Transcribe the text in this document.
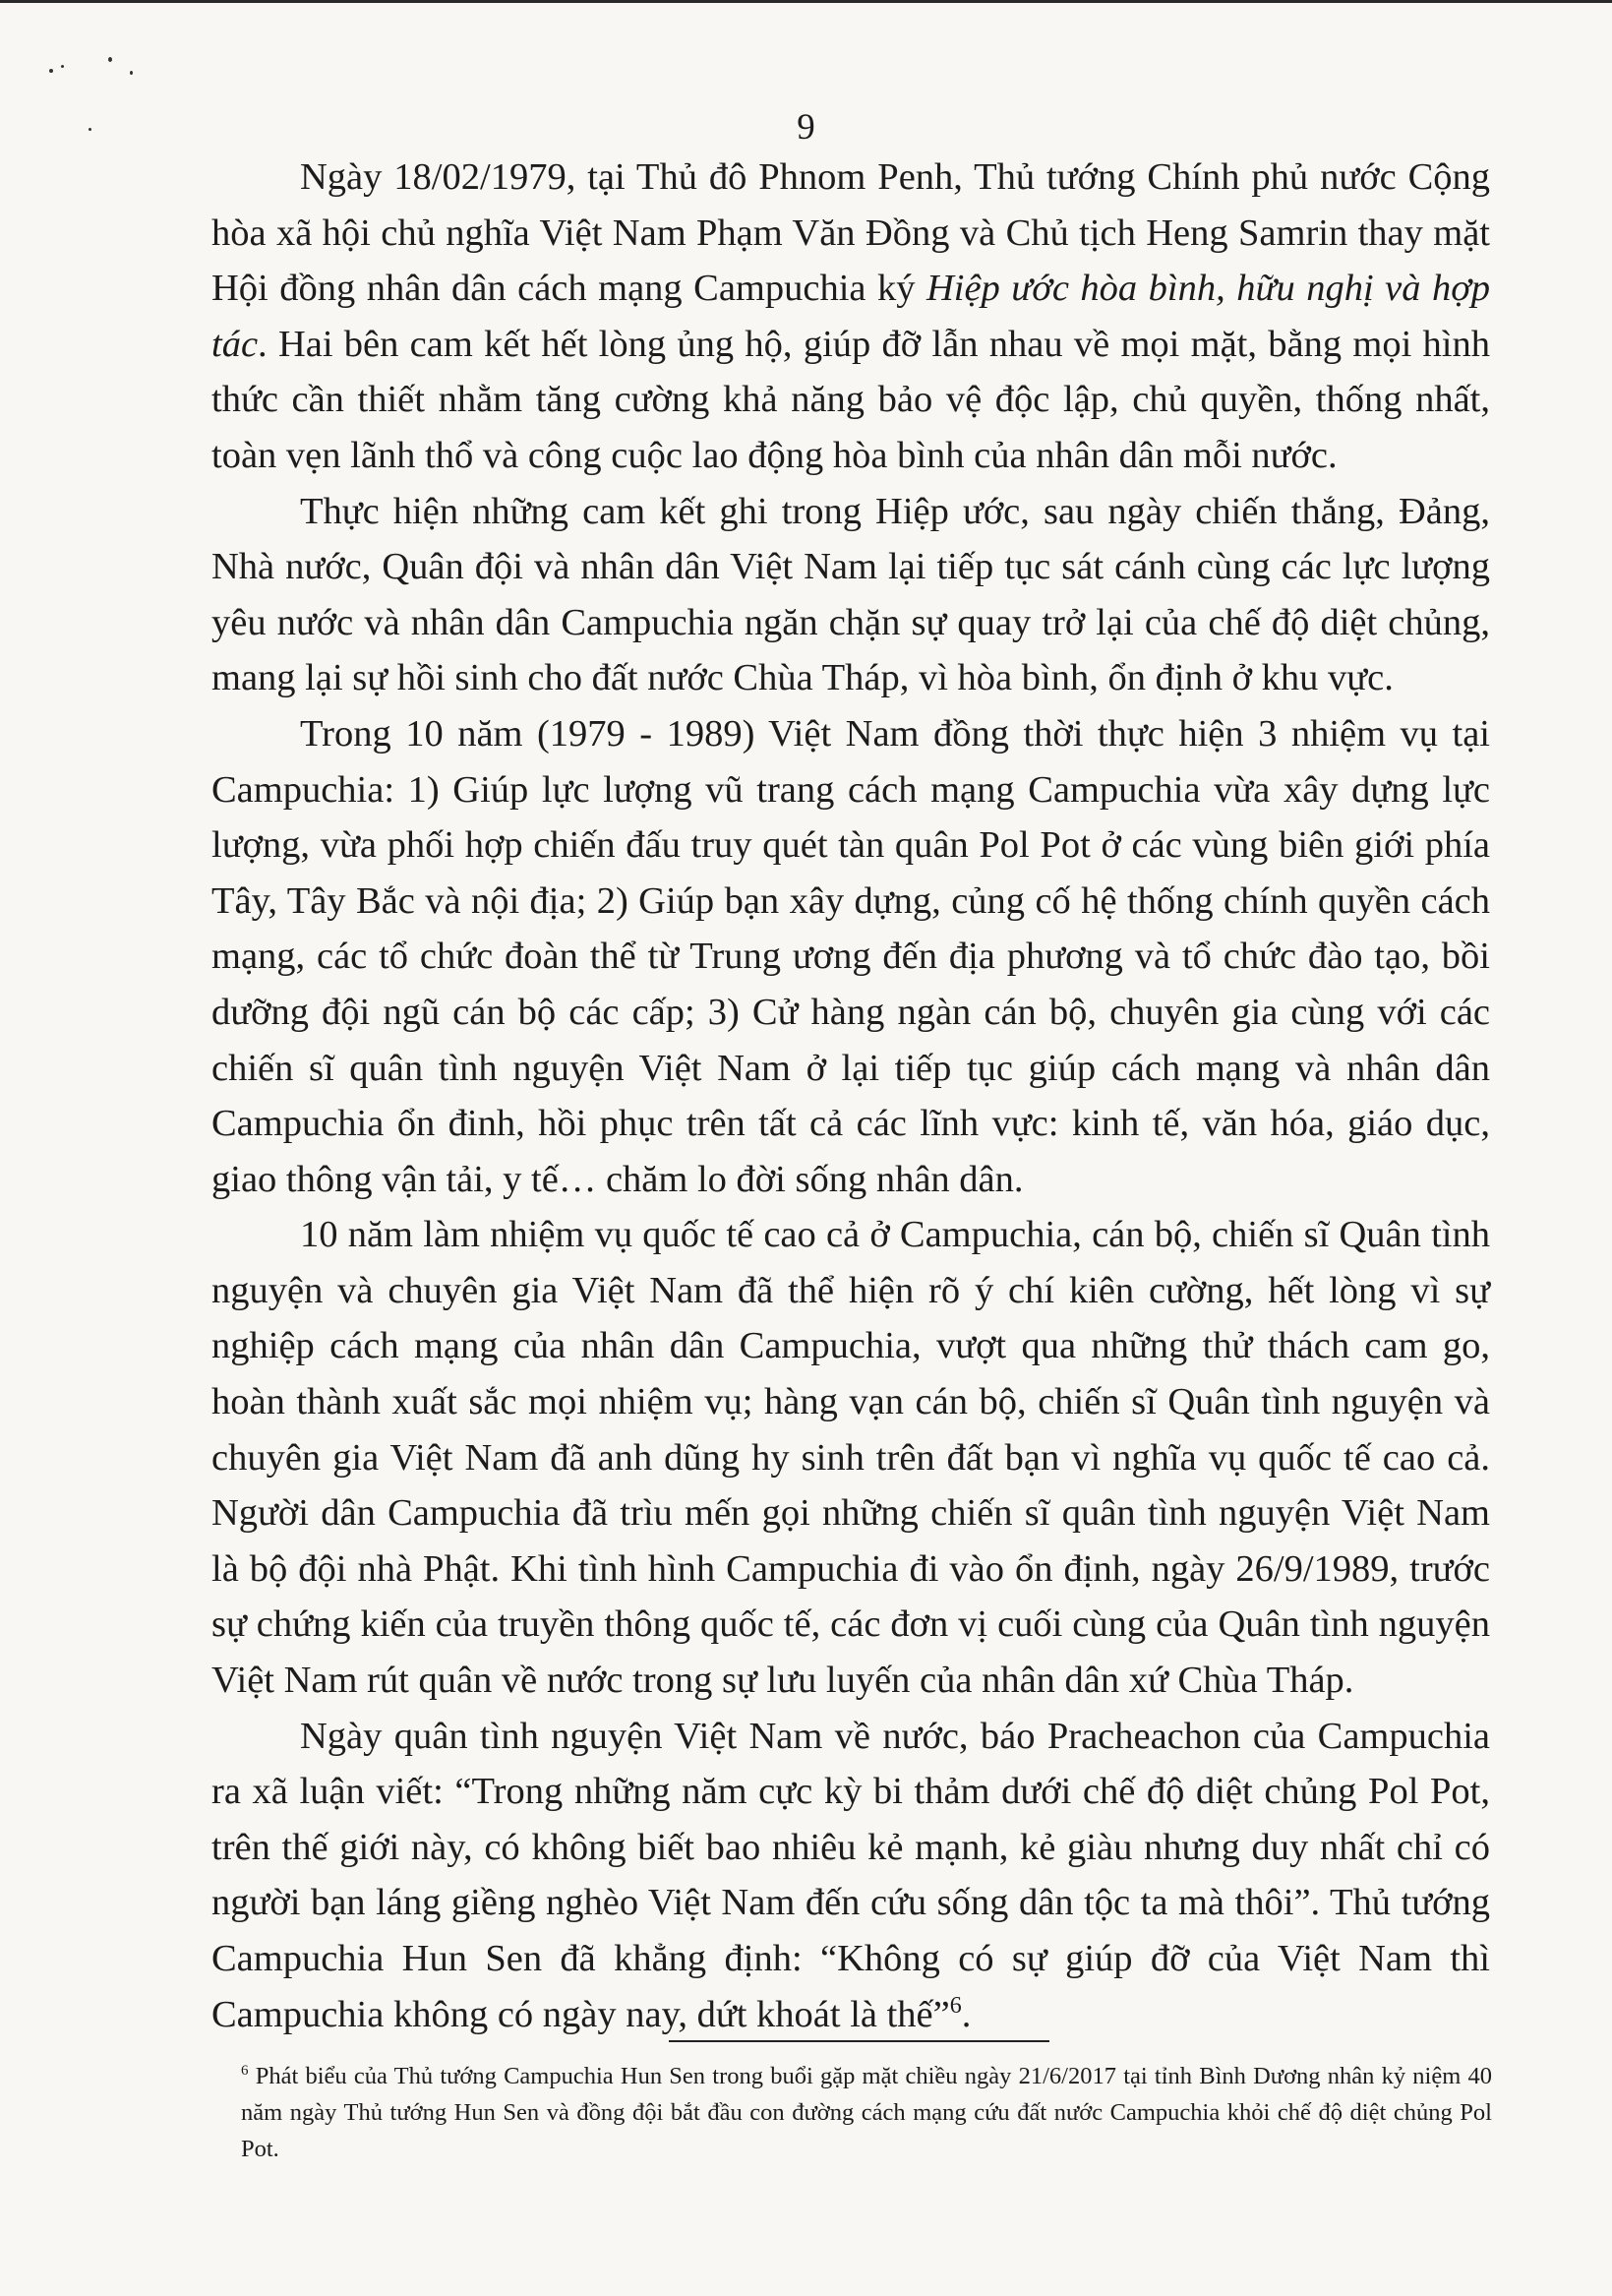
9

Ngày 18/02/1979, tại Thủ đô Phnom Penh, Thủ tướng Chính phủ nước Cộng hòa xã hội chủ nghĩa Việt Nam Phạm Văn Đồng và Chủ tịch Heng Samrin thay mặt Hội đồng nhân dân cách mạng Campuchia ký Hiệp ước hòa bình, hữu nghị và hợp tác. Hai bên cam kết hết lòng ủng hộ, giúp đỡ lẫn nhau về mọi mặt, bằng mọi hình thức cần thiết nhằm tăng cường khả năng bảo vệ độc lập, chủ quyền, thống nhất, toàn vẹn lãnh thổ và công cuộc lao động hòa bình của nhân dân mỗi nước.

Thực hiện những cam kết ghi trong Hiệp ước, sau ngày chiến thắng, Đảng, Nhà nước, Quân đội và nhân dân Việt Nam lại tiếp tục sát cánh cùng các lực lượng yêu nước và nhân dân Campuchia ngăn chặn sự quay trở lại của chế độ diệt chủng, mang lại sự hồi sinh cho đất nước Chùa Tháp, vì hòa bình, ổn định ở khu vực.

Trong 10 năm (1979 - 1989) Việt Nam đồng thời thực hiện 3 nhiệm vụ tại Campuchia: 1) Giúp lực lượng vũ trang cách mạng Campuchia vừa xây dựng lực lượng, vừa phối hợp chiến đấu truy quét tàn quân Pol Pot ở các vùng biên giới phía Tây, Tây Bắc và nội địa; 2) Giúp bạn xây dựng, củng cố hệ thống chính quyền cách mạng, các tổ chức đoàn thể từ Trung ương đến địa phương và tổ chức đào tạo, bồi dưỡng đội ngũ cán bộ các cấp; 3) Cử hàng ngàn cán bộ, chuyên gia cùng với các chiến sĩ quân tình nguyện Việt Nam ở lại tiếp tục giúp cách mạng và nhân dân Campuchia ổn đinh, hồi phục trên tất cả các lĩnh vực: kinh tế, văn hóa, giáo dục, giao thông vận tải, y tế… chăm lo đời sống nhân dân.

10 năm làm nhiệm vụ quốc tế cao cả ở Campuchia, cán bộ, chiến sĩ Quân tình nguyện và chuyên gia Việt Nam đã thể hiện rõ ý chí kiên cường, hết lòng vì sự nghiệp cách mạng của nhân dân Campuchia, vượt qua những thử thách cam go, hoàn thành xuất sắc mọi nhiệm vụ; hàng vạn cán bộ, chiến sĩ Quân tình nguyện và chuyên gia Việt Nam đã anh dũng hy sinh trên đất bạn vì nghĩa vụ quốc tế cao cả. Người dân Campuchia đã trìu mến gọi những chiến sĩ quân tình nguyện Việt Nam là bộ đội nhà Phật. Khi tình hình Campuchia đi vào ổn định, ngày 26/9/1989, trước sự chứng kiến của truyền thông quốc tế, các đơn vị cuối cùng của Quân tình nguyện Việt Nam rút quân về nước trong sự lưu luyến của nhân dân xứ Chùa Tháp.

Ngày quân tình nguyện Việt Nam về nước, báo Pracheachon của Campuchia ra xã luận viết: “Trong những năm cực kỳ bi thảm dưới chế độ diệt chủng Pol Pot, trên thế giới này, có không biết bao nhiêu kẻ mạnh, kẻ giàu nhưng duy nhất chỉ có người bạn láng giềng nghèo Việt Nam đến cứu sống dân tộc ta mà thôi”. Thủ tướng Campuchia Hun Sen đã khẳng định: “Không có sự giúp đỡ của Việt Nam thì Campuchia không có ngày nay, dứt khoát là thế”$^6$.

$^6$ Phát biểu của Thủ tướng Campuchia Hun Sen trong buổi gặp mặt chiều ngày 21/6/2017 tại tỉnh Bình Dương nhân kỷ niệm 40 năm ngày Thủ tướng Hun Sen và đồng đội bắt đầu con đường cách mạng cứu đất nước Campuchia khỏi chế độ diệt chủng Pol Pot.
